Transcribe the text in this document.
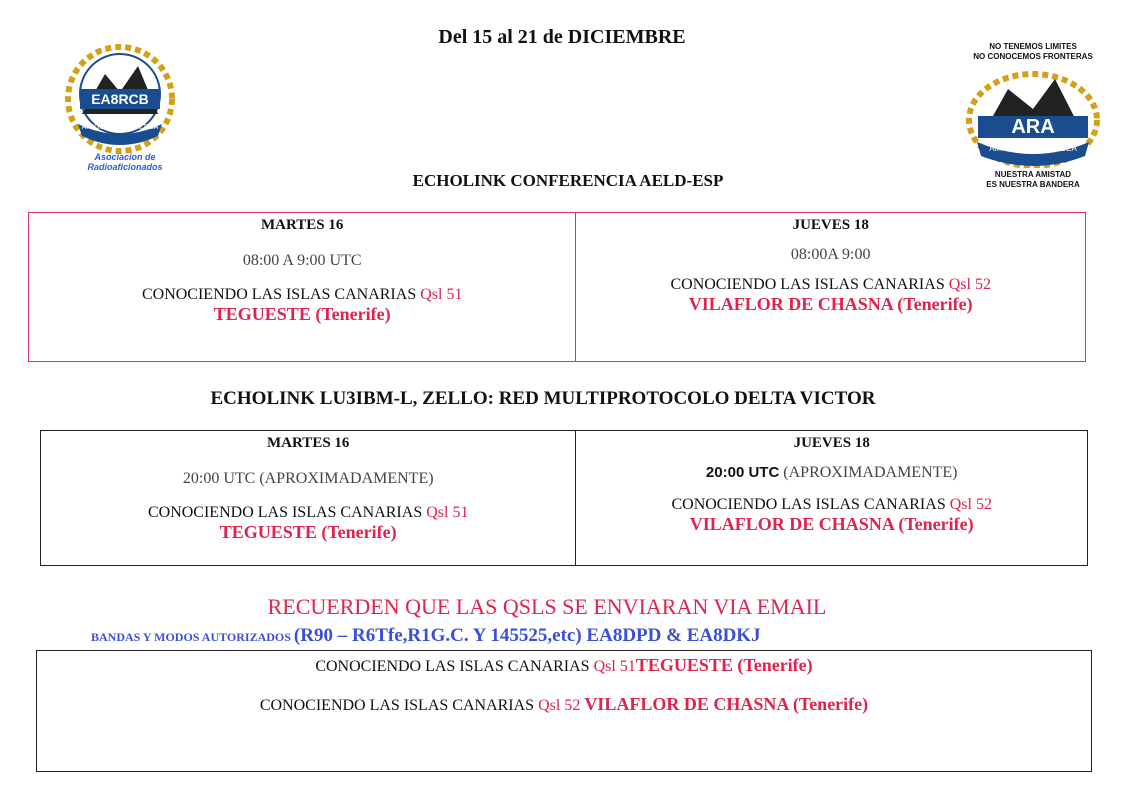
Del 15 al 21 de DICIEMBRE
EA8RCB
AMIGOS RADIO ALDEA
Asociacion de Radioaficionados
NO TENEMOS LIMITES
NO CONOCEMOS FRONTERAS
ARA
AMIGOS RADIO ALDEA
NUESTRA AMISTAD
ES NUESTRA BANDERA
ECHOLINK CONFERENCIA AELD-ESP
MARTES 16
08:00 A 9:00 UTC
CONOCIENDO LAS ISLAS CANARIAS Qsl 51
TEGUESTE (Tenerife)

JUEVES 18
08:00A 9:00
CONOCIENDO LAS ISLAS CANARIAS Qsl 52
VILAFLOR DE CHASNA (Tenerife)
ECHOLINK LU3IBM-L, ZELLO: RED MULTIPROTOCOLO DELTA VICTOR
MARTES 16
20:00 UTC (APROXIMADAMENTE)
CONOCIENDO LAS ISLAS CANARIAS Qsl 51
TEGUESTE (Tenerife)

JUEVES 18
20:00 UTC (APROXIMADAMENTE)
CONOCIENDO LAS ISLAS CANARIAS Qsl 52
VILAFLOR DE CHASNA (Tenerife)
RECUERDEN QUE LAS QSLS SE ENVIARAN VIA EMAIL
BANDAS Y MODOS AUTORIZADOS (R90 – R6Tfe,R1G.C. Y 145525,etc) EA8DPD & EA8DKJ
CONOCIENDO LAS ISLAS CANARIAS Qsl 51TEGUESTE (Tenerife)
CONOCIENDO LAS ISLAS CANARIAS Qsl 52 VILAFLOR DE CHASNA (Tenerife)
